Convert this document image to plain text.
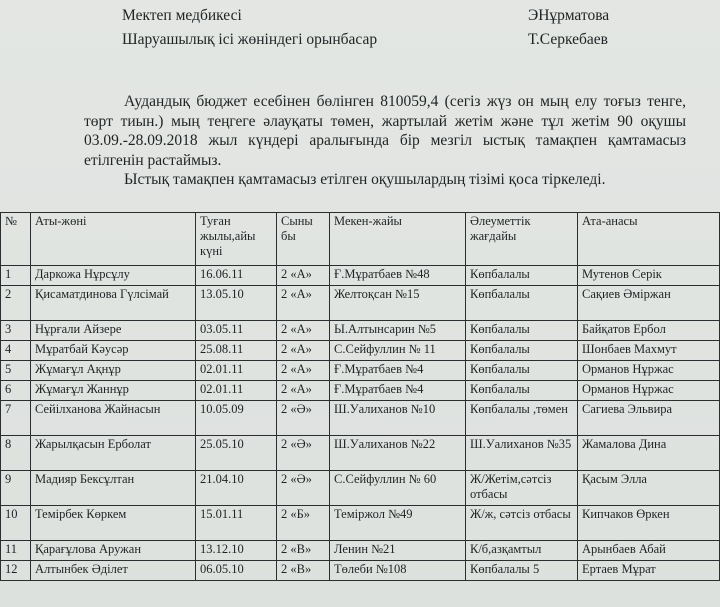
Мектеп медбикесі	ЭНұрматова
Шаруашылық ісі жөніндегі орынбасар	Т.Серкебаев

Аудандық бюджет есебінен бөлінген 810059,4 (сегіз жүз он мың елу тоғыз тенге, төрт тиын.) мың теңгеге әлауқаты төмен, жартылай жетім және тұл жетім 90 оқушы 03.09.-28.09.2018 жыл күндері аралығында бір мезгіл ыстық тамақпен қамтамасыз етілгенін растаймыз.

Ыстық тамақпен қамтамасыз етілген оқушылардың тізімі қоса тіркеледі.

№	Аты-жөні	Туған жылы,айы күні	Сыны бы	Мекен-жайы	Әлеуметтік жағдайы	Ата-анасы
1	Даркожа Нұрсұлу	16.06.11	2 «А»	Ғ.Мұратбаев №48	Көпбалалы	Мутенов Серік
2	Қисаматдинова Гүлсімай	13.05.10	2 «А»	Желтоқсан №15	Көпбалалы	Сақиев Әміржан
3	Нұрғали Айзере	03.05.11	2 «А»	Ы.Алтынсарин №5	Көпбалалы	Байқатов Ербол
4	Мұратбай Кәусәр	25.08.11	2 «А»	С.Сейфуллин № 11	Көпбалалы	Шонбаев Махмут
5	Жұмағұл Ақнұр	02.01.11	2 «А»	Ғ.Мұратбаев №4	Көпбалалы	Орманов Нұржас
6	Жұмағұл Жаннұр	02.01.11	2 «А»	Ғ.Мұратбаев №4	Көпбалалы	Орманов Нұржас
7	Сейілханова Жайнасын	10.05.09	2 «Ә»	Ш.Уалиханов №10	Көпбалалы ,төмен	Сагиева Эльвира
8	Жарылқасын Ерболат	25.05.10	2 «Ә»	Ш.Уалиханов №22	Ш.Уалиханов №35	Жамалова Дина
9	Мадияр Бексұлтан	21.04.10	2 «Ә»	С.Сейфуллин № 60	Ж/Жетім,сәтсіз отбасы	Қасым Элла
10	Темірбек Көркем	15.01.11	2 «Б»	Теміржол №49	Ж/ж, сәтсіз отбасы	Кипчаков Өркен
11	Қарағұлова Аружан	13.12.10	2 «В»	Ленин №21	К/б,азқамтыл	Арынбаев Абай
12	Алтынбек Әділет	06.05.10	2 «В»	Төлеби №108	Көпбалалы 5	Ертаев Мұрат
